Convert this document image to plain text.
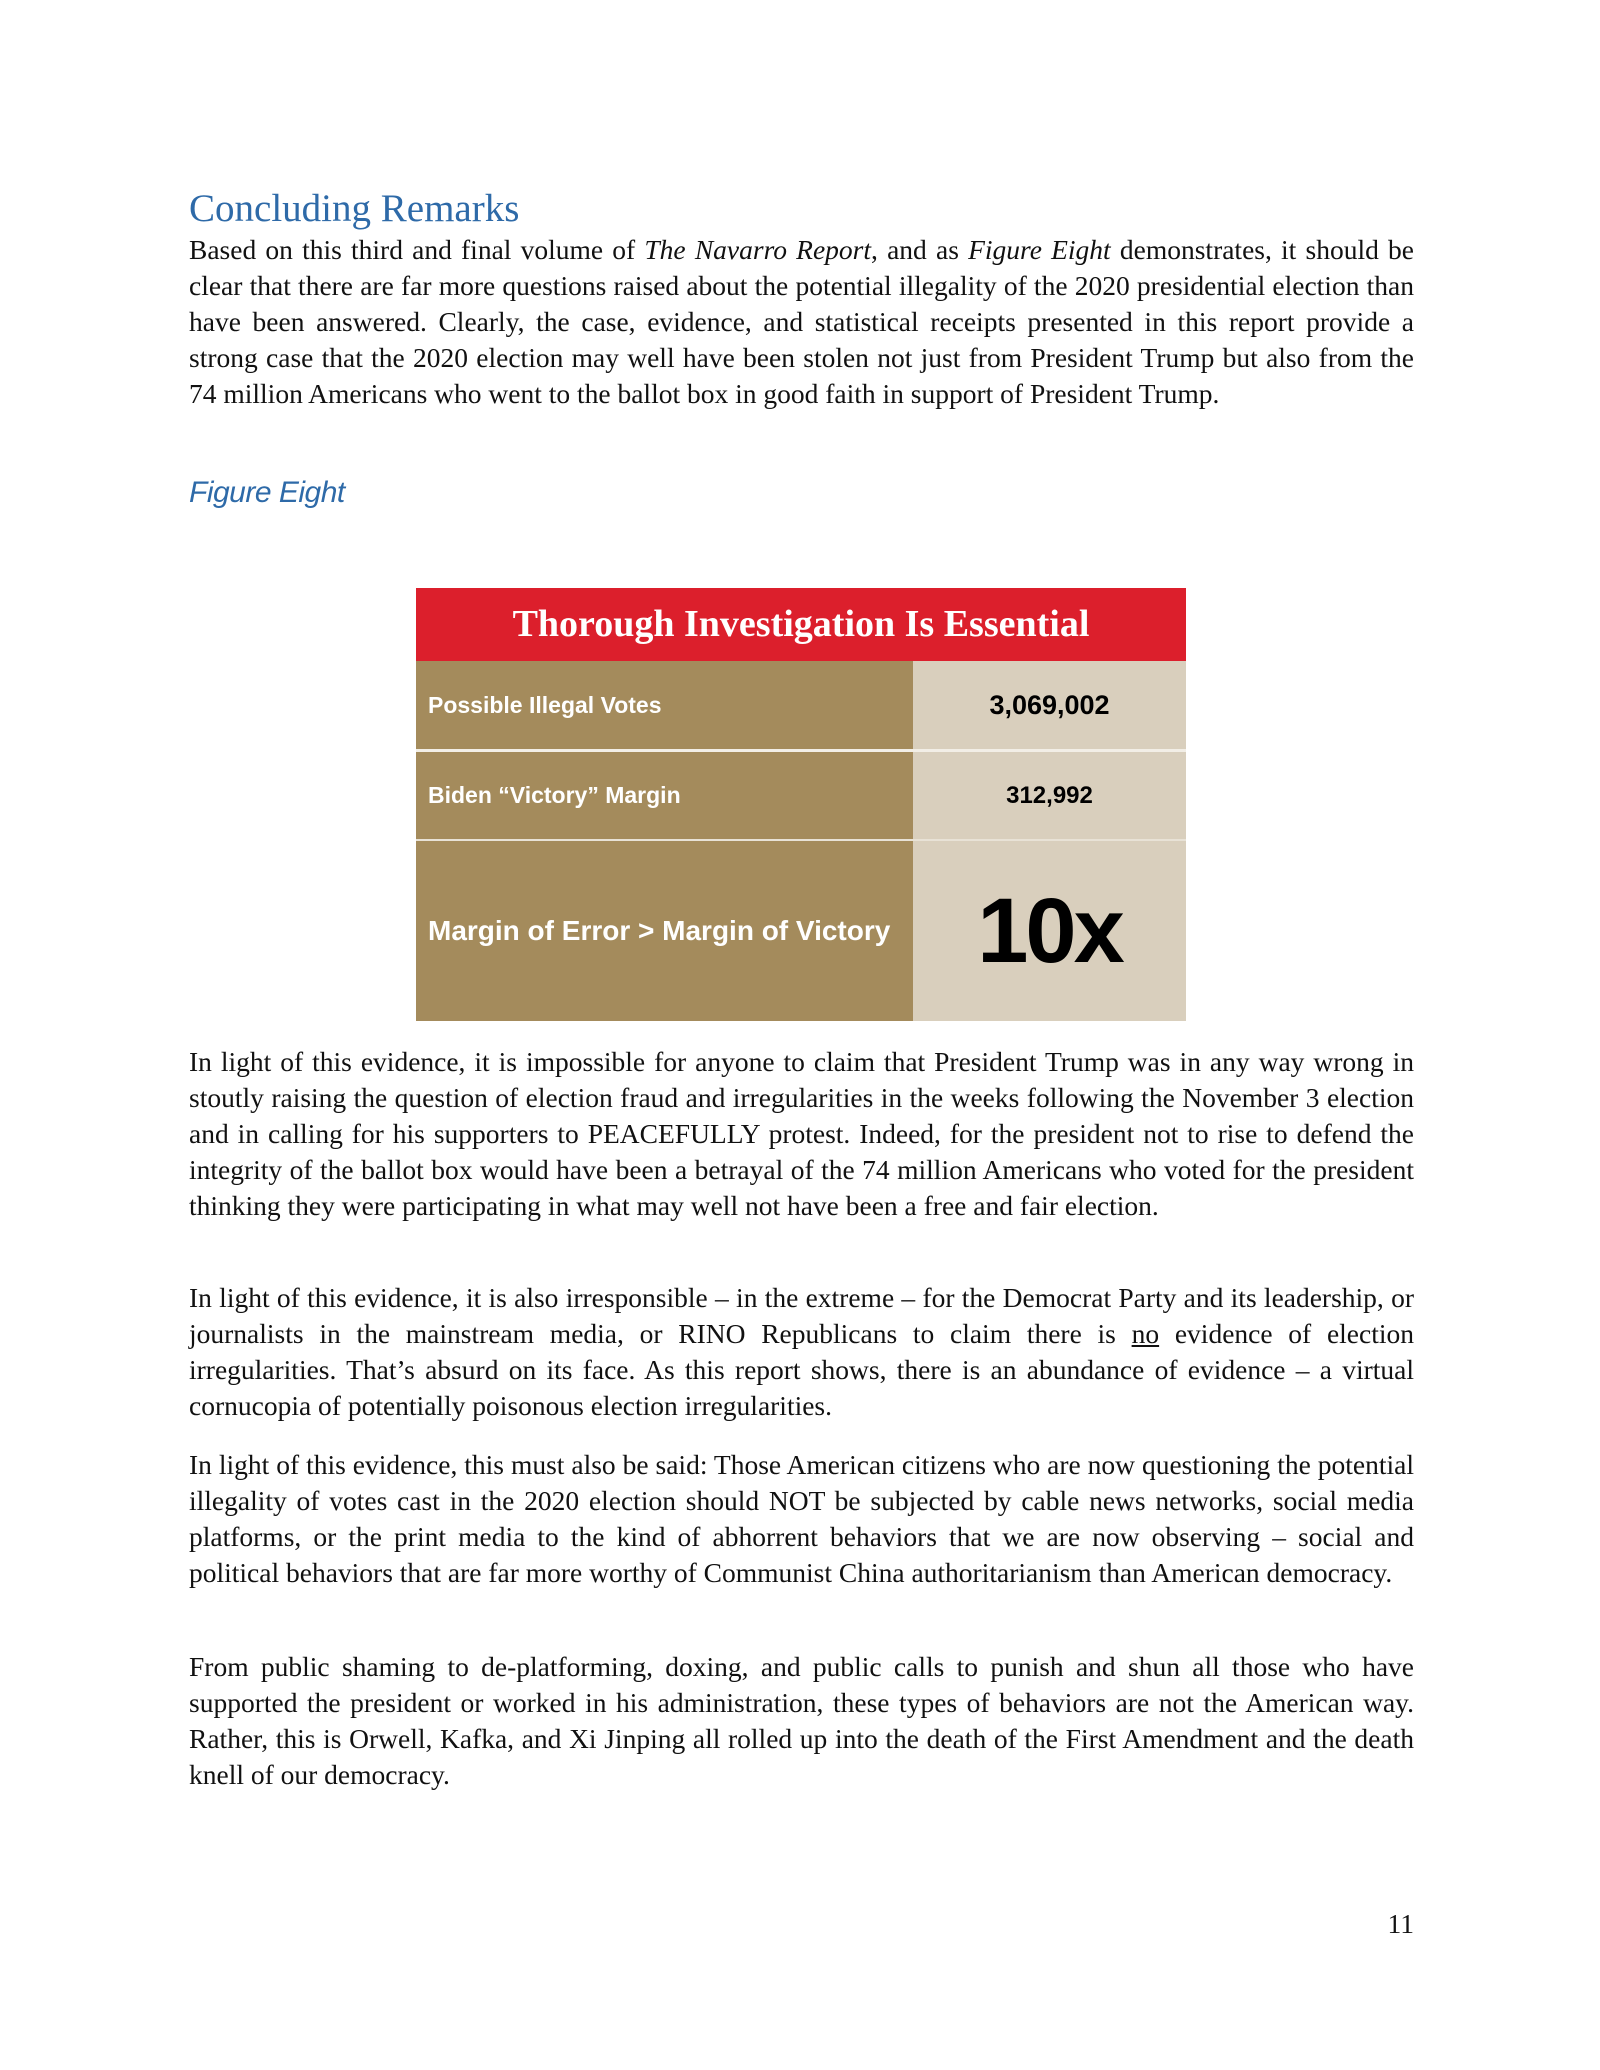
Concluding Remarks
Based on this third and final volume of The Navarro Report, and as Figure Eight demonstrates, it should be clear that there are far more questions raised about the potential illegality of the 2020 presidential election than have been answered. Clearly, the case, evidence, and statistical receipts presented in this report provide a strong case that the 2020 election may well have been stolen not just from President Trump but also from the 74 million Americans who went to the ballot box in good faith in support of President Trump.
Figure Eight
Thorough Investigation Is Essential
Possible Illegal Votes	3,069,002
Biden “Victory” Margin	312,992
Margin of Error > Margin of Victory 10x
In light of this evidence, it is impossible for anyone to claim that President Trump was in any way wrong in stoutly raising the question of election fraud and irregularities in the weeks following the November 3 election and in calling for his supporters to PEACEFULLY protest. Indeed, for the president not to rise to defend the integrity of the ballot box would have been a betrayal of the 74 million Americans who voted for the president thinking they were participating in what may well not have been a free and fair election.
In light of this evidence, it is also irresponsible – in the extreme – for the Democrat Party and its leadership, or journalists in the mainstream media, or RINO Republicans to claim there is no evidence of election irregularities. That’s absurd on its face. As this report shows, there is an abundance of evidence – a virtual cornucopia of potentially poisonous election irregularities.
In light of this evidence, this must also be said: Those American citizens who are now questioning the potential illegality of votes cast in the 2020 election should NOT be subjected by cable news networks, social media platforms, or the print media to the kind of abhorrent behaviors that we are now observing – social and political behaviors that are far more worthy of Communist China authoritarianism than American democracy.
From public shaming to de-platforming, doxing, and public calls to punish and shun all those who have supported the president or worked in his administration, these types of behaviors are not the American way. Rather, this is Orwell, Kafka, and Xi Jinping all rolled up into the death of the First Amendment and the death knell of our democracy.
11
